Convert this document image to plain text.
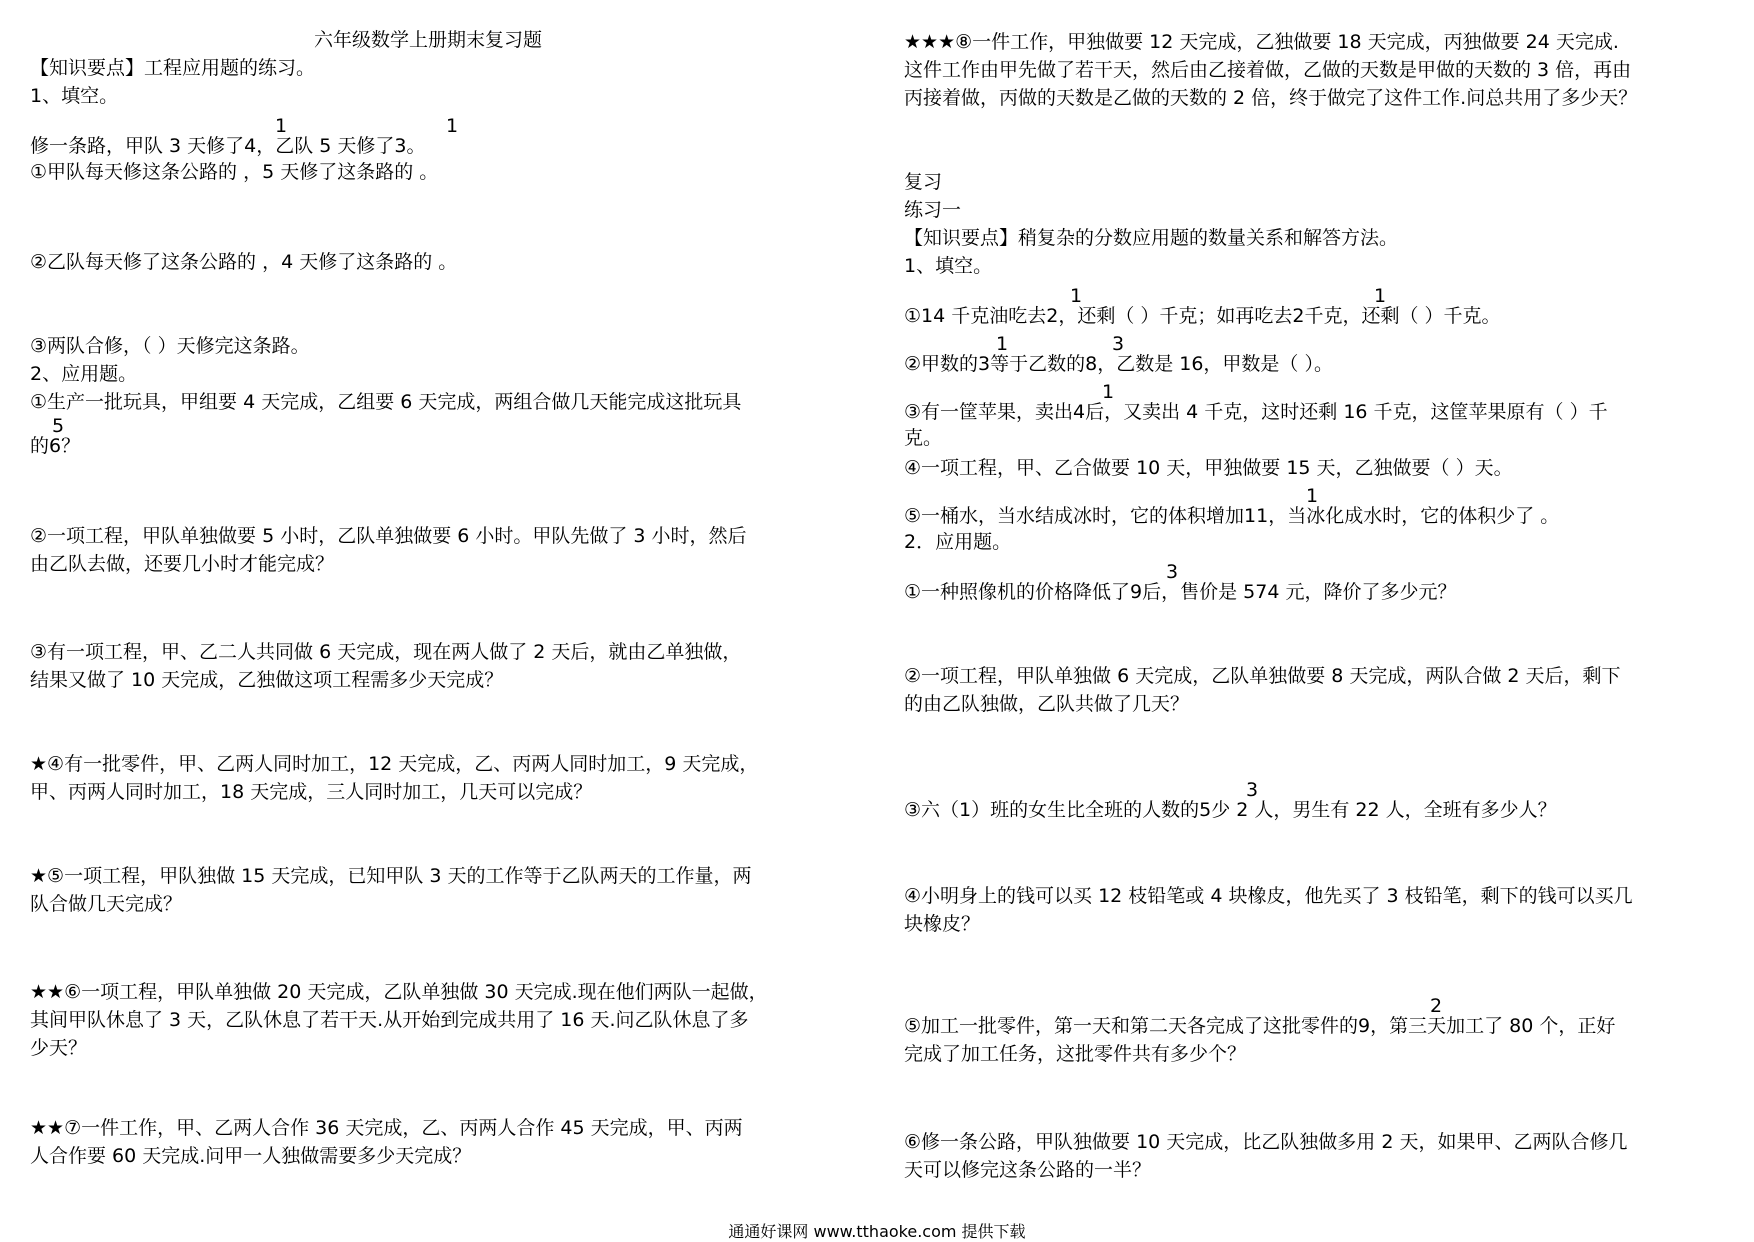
六年级数学上册期末复习题
【知识要点】工程应用题的练习。
1、填空。
1	1
修一条路，甲队 3 天修了4，乙队 5 天修了3。
①甲队每天修这条公路的 ，5 天修了这条路的 。
②乙队每天修了这条公路的 ，4 天修了这条路的 。
③两队合修，（ ）天修完这条路。
2、应用题。
①生产一批玩具，甲组要 4 天完成，乙组要 6 天完成，两组合做几天能完成这批玩具
5
的6？
②一项工程，甲队单独做要 5 小时，乙队单独做要 6 小时。甲队先做了 3 小时，然后
由乙队去做，还要几小时才能完成？
③有一项工程，甲、乙二人共同做 6 天完成，现在两人做了 2 天后，就由乙单独做，
结果又做了 10 天完成，乙独做这项工程需多少天完成？
★④有一批零件，甲、乙两人同时加工，12 天完成，乙、丙两人同时加工，9 天完成，
甲、丙两人同时加工，18 天完成，三人同时加工，几天可以完成？
★⑤一项工程，甲队独做 15 天完成，已知甲队 3 天的工作等于乙队两天的工作量，两
队合做几天完成？
★★⑥一项工程，甲队单独做 20 天完成，乙队单独做 30 天完成.现在他们两队一起做，
其间甲队休息了 3 天，乙队休息了若干天.从开始到完成共用了 16 天.问乙队休息了多
少天？
★★⑦一件工作，甲、乙两人合作 36 天完成，乙、丙两人合作 45 天完成，甲、丙两
人合作要 60 天完成.问甲一人独做需要多少天完成？
★★★⑧一件工作，甲独做要 12 天完成，乙独做要 18 天完成，丙独做要 24 天完成.
这件工作由甲先做了若干天，然后由乙接着做，乙做的天数是甲做的天数的 3 倍，再由
丙接着做，丙做的天数是乙做的天数的 2 倍，终于做完了这件工作.问总共用了多少天？
复习
练习一
【知识要点】稍复杂的分数应用题的数量关系和解答方法。
1、填空。
1	1
①14 千克油吃去2，还剩（ ）千克；如再吃去2千克，还剩（ ）千克。
1	3
②甲数的3等于乙数的8，乙数是 16，甲数是（ ）。
1
③有一筐苹果，卖出4后，又卖出 4 千克，这时还剩 16 千克，这筐苹果原有（ ）千
克。
④一项工程，甲、乙合做要 10 天，甲独做要 15 天，乙独做要（ ）天。
1
⑤一桶水，当水结成冰时，它的体积增加11，当冰化成水时，它的体积少了 。
2．应用题。
3
①一种照像机的价格降低了9后，售价是 574 元，降价了多少元？
②一项工程，甲队单独做 6 天完成，乙队单独做要 8 天完成，两队合做 2 天后，剩下
的由乙队独做，乙队共做了几天？
3
③六（1）班的女生比全班的人数的5少 2 人，男生有 22 人，全班有多少人？
④小明身上的钱可以买 12 枝铅笔或 4 块橡皮，他先买了 3 枝铅笔，剩下的钱可以买几
块橡皮？
2
⑤加工一批零件，第一天和第二天各完成了这批零件的9，第三天加工了 80 个，正好
完成了加工任务，这批零件共有多少个？
⑥修一条公路，甲队独做要 10 天完成，比乙队独做多用 2 天，如果甲、乙两队合修几
天可以修完这条公路的一半？
通通好课网 www.tthaoke.com 提供下载
